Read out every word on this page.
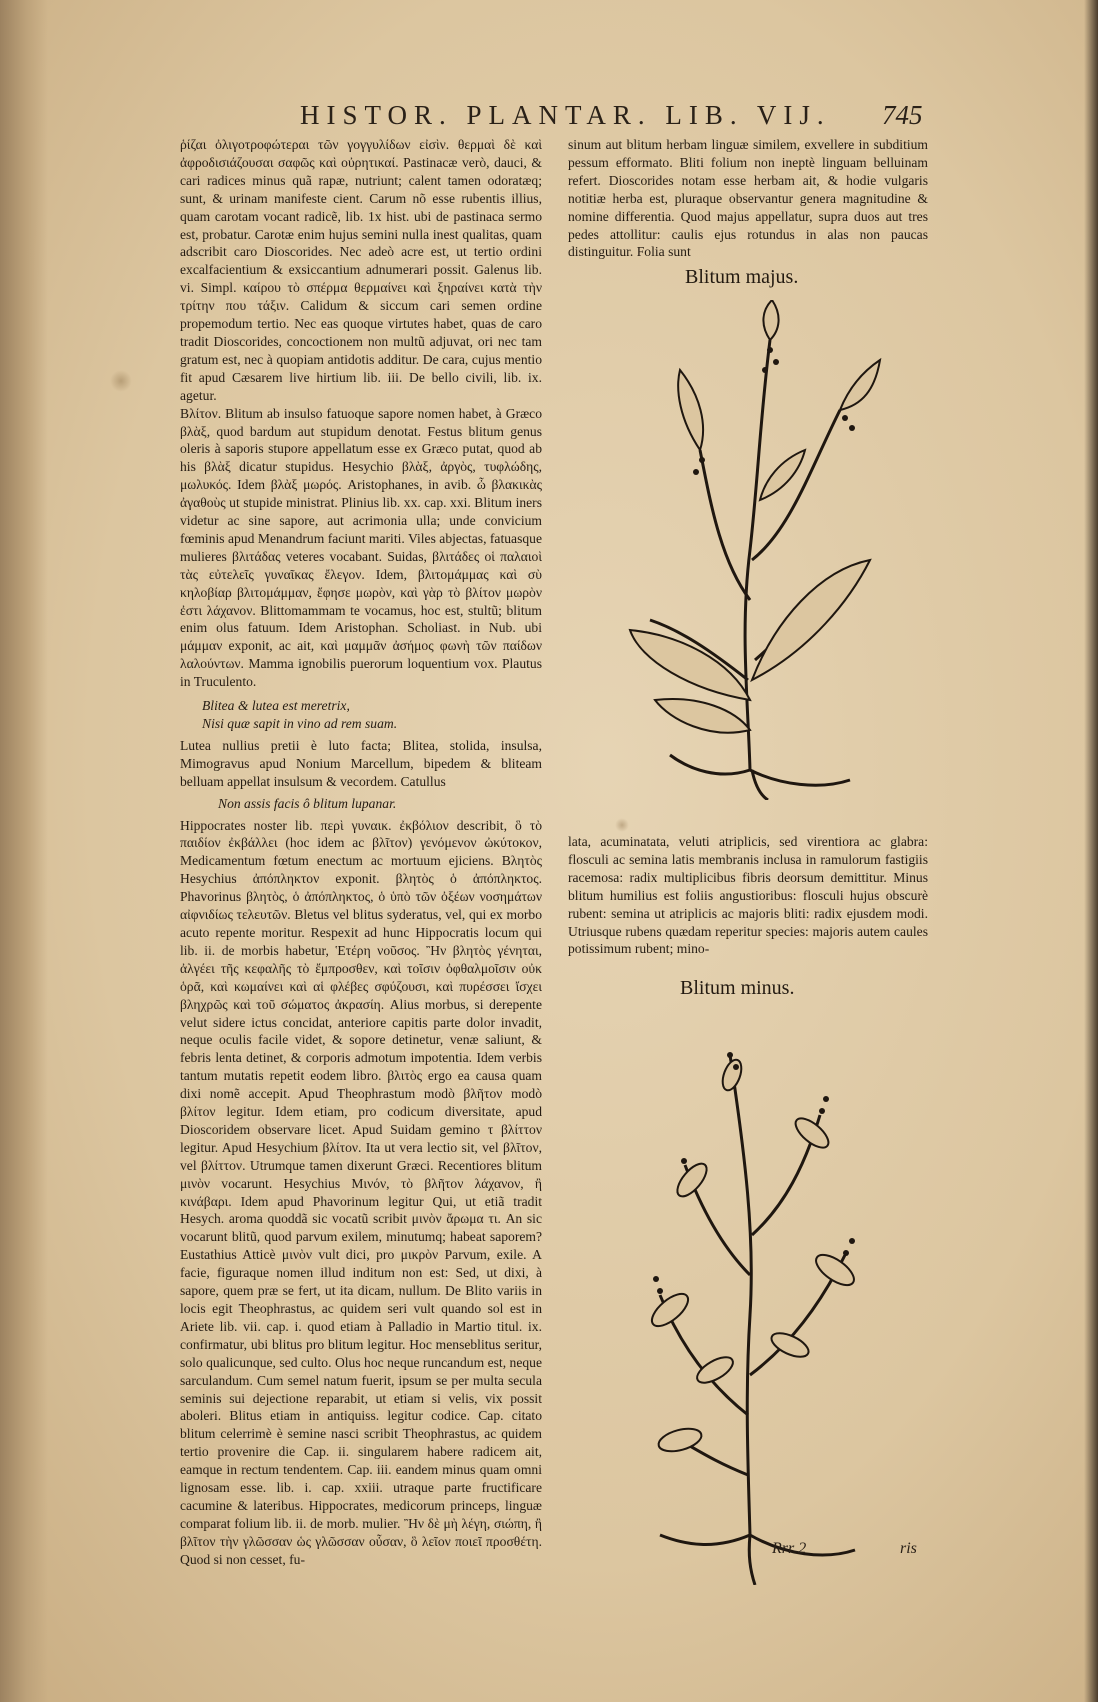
HISTOR. PLANTAR. LIB. VIJ.	745

ῥίζαι ὀλιγοτροφώτεραι τῶν γογγυλίδων εἰσὶν. θερμαὶ δὲ καὶ ἀφροδισιάζουσαι σαφῶς καὶ οὐρητικαί. Pastinacæ verò, dauci, & cari radices minus quã rapæ, nutriunt; calent tamen odoratæq; sunt, & urinam manifeste cient. Carum nõ esse rubentis illius, quam carotam vocant radicẽ, lib. 1x hist. ubi de pastinaca sermo est, probatur. Carotæ enim hujus semini nulla inest qualitas, quam adscribit caro Dioscorides. Nec adeò acre est, ut tertio ordini excalfacientium & exsiccantium adnumerari possit. Galenus lib. vi. Simpl. καίρου τὸ σπέρμα θερμαίνει καὶ ξηραίνει κατὰ τὴν τρίτην που τάξιν. Calidum & siccum cari semen ordine propemodum tertio. Nec eas quoque virtutes habet, quas de caro tradit Dioscorides, concoctionem non multũ adjuvat, ori nec tam gratum est, nec à quopiam antidotis additur. De cara, cujus mentio fit apud Cæsarem live hirtium lib. iii. De bello civili, lib. ix. agetur.

Βλίτον. Blitum ab insulso fatuoque sapore nomen habet, à Græco βλὰξ, quod bardum aut stupidum denotat. Festus blitum genus oleris à saporis stupore appellatum esse ex Græco putat, quod ab his βλὰξ dicatur stupidus. Hesychio βλὰξ, ἀργὸς, τυφλώδης, μωλυκός. Idem βλὰξ μωρός. Aristophanes, in avib. ὦ βλακικὰς ἀγαθοὺς ut stupide ministrat. Plinius lib. xx. cap. xxi. Blitum iners videtur ac sine sapore, aut acrimonia ulla; unde convicium fœminis apud Menandrum faciunt mariti. Viles abjectas, fatuasque mulieres βλιτάδας veteres vocabant. Suidas, βλιτάδες οἱ παλαιοὶ τὰς εὐτελεῖς γυναῖκας ἔλεγον. Idem, βλιτομάμμας καὶ σὺ κηλοβίαρ βλιτομάμμαν, ἔφησε μωρὸν, καὶ γὰρ τὸ βλίτον μωρὸν ἐστι λάχανον. Blittomammam te vocamus, hoc est, stultũ; blitum enim olus fatuum. Idem Aristophan. Scholiast. in Nub. ubi μάμμαν exponit, ac ait, καὶ μαμμᾶν ἀσήμος φωνὴ τῶν παίδων λαλούντων. Mamma ignobilis puerorum loquentium vox. Plautus in Truculento.

Blitea & lutea est meretrix,
Nisi quæ sapit in vino ad rem suam.

Lutea nullius pretii è luto facta; Blitea, stolida, insulsa, Mimogravus apud Nonium Marcellum, bipedem & bliteam belluam appellat insulsum & vecordem. Catullus

Non assis facis ô blitum lupanar.

Hippocrates noster lib. περὶ γυναικ. ἐκβόλιον describit, ὃ τὸ παιδίον ἐκβάλλει (hoc idem ac βλῖτον) γενόμενον ὠκύτοκον, Medicamentum fœtum enectum ac mortuum ejiciens. Βλητὸς Hesychius ἀπόπληκτον exponit. βλητὸς ὁ ἀπόπληκτος. Phavorinus βλητὸς, ὁ ἀπόπληκτος, ὁ ὑπὸ τῶν ὀξέων νοσημάτων αἰφνιδίως τελευτῶν. Bletus vel blitus syderatus, vel, qui ex morbo acuto repente moritur. Respexit ad hunc Hippocratis locum qui lib. ii. de morbis habetur, Ἑτέρη νοῦσος. Ἢν βλητὸς γένηται, ἀλγέει τῆς κεφαλῆς τὸ ἔμπροσθεν, καὶ τοῖσιν ὀφθαλμοῖσιν οὐκ ὁρᾶ, καὶ κωμαίνει καὶ αἱ φλέβες σφύζουσι, καὶ πυρέσσει ἴσχει βληχρῶς καὶ τοῦ σώματος ἀκρασίη. Alius morbus, si derepente velut sidere ictus concidat, anteriore capitis parte dolor invadit, neque oculis facile videt, & sopore detinetur, venæ saliunt, & febris lenta detinet, & corporis admotum impotentia. Idem verbis tantum mutatis repetit eodem libro. βλιτὸς ergo ea causa quam dixi nomẽ accepit. Apud Theophrastum modò βλῆτον modò βλίτον legitur. Idem etiam, pro codicum diversitate, apud Dioscoridem observare licet. Apud Suidam gemino τ βλίττον legitur. Apud Hesychium βλίτον. Ita ut vera lectio sit, vel βλῖτον, vel βλίττον. Utrumque tamen dixerunt Græci. Recentiores blitum μινὸν vocarunt. Hesychius Μινόν, τὸ βλῆτον λάχανον, ἢ κινάβαρι. Idem apud Phavorinum legitur Qui, ut etiã tradit Hesych. aroma quoddã sic vocatũ scribit μινὸν ἄρωμα τι. An sic vocarunt blitũ, quod parvum exilem, minutumq; habeat saporem? Eustathius Atticè μινὸν vult dici, pro μικρὸν Parvum, exile. A facie, figuraque nomen illud inditum non est: Sed, ut dixi, à sapore, quem præ se fert, ut ita dicam, nullum. De Blito variis in locis egit Theophrastus, ac quidem seri vult quando sol est in Ariete lib. vii. cap. i. quod etiam à Palladio in Martio titul. ix. confirmatur, ubi blitus pro blitum legitur. Hoc menseblitus seritur, solo qualicunque, sed culto. Olus hoc neque runcandum est, neque sarculandum. Cum semel natum fuerit, ipsum se per multa secula seminis sui dejectione reparabit, ut etiam si velis, vix possit aboleri. Blitus etiam in antiquiss. legitur codice. Cap. citato blitum celerrimè è semine nasci scribit Theophrastus, ac quidem tertio provenire die Cap. ii. singularem habere radicem ait, eamque in rectum tendentem. Cap. iii. eandem minus quam omni lignosam esse. lib. i. cap. xxiii. utraque parte fructificare cacumine & lateribus. Hippocrates, medicorum princeps, linguæ comparat folium lib. ii. de morb. mulier. Ἢν δὲ μὴ λέγη, σιώπη, ἢ βλῖτον τὴν γλῶσσαν ὡς γλῶσσαν οὖσαν, ὃ λεῖον ποιεῖ προσθέτη. Quod si non cesset, fu-

sinum aut blitum herbam linguæ similem, exvellere in subditium pessum efformato. Bliti folium non ineptè linguam belluinam refert. Dioscorides notam esse herbam ait, & hodie vulgaris notitiæ herba est, pluraque observantur genera magnitudine & nomine differentia. Quod majus appellatur, supra duos aut tres pedes attollitur: caulis ejus rotundus in alas non paucas distinguitur. Folia sunt
Blitum majus.
lata, acuminatata, veluti atriplicis, sed virentiora ac glabra: flosculi ac semina latis membranis inclusa in ramulorum fastigiis racemosa: radix multiplicibus fibris deorsum demittitur. Minus blitum humilius est foliis angustioribus: flosculi hujus obscurè rubent: semina ut atriplicis ac majoris bliti: radix ejusdem modi. Utriusque rubens quædam reperitur species: majoris autem caules potissimum rubent; mino-
Blitum minus.
Rrr 2	ris
